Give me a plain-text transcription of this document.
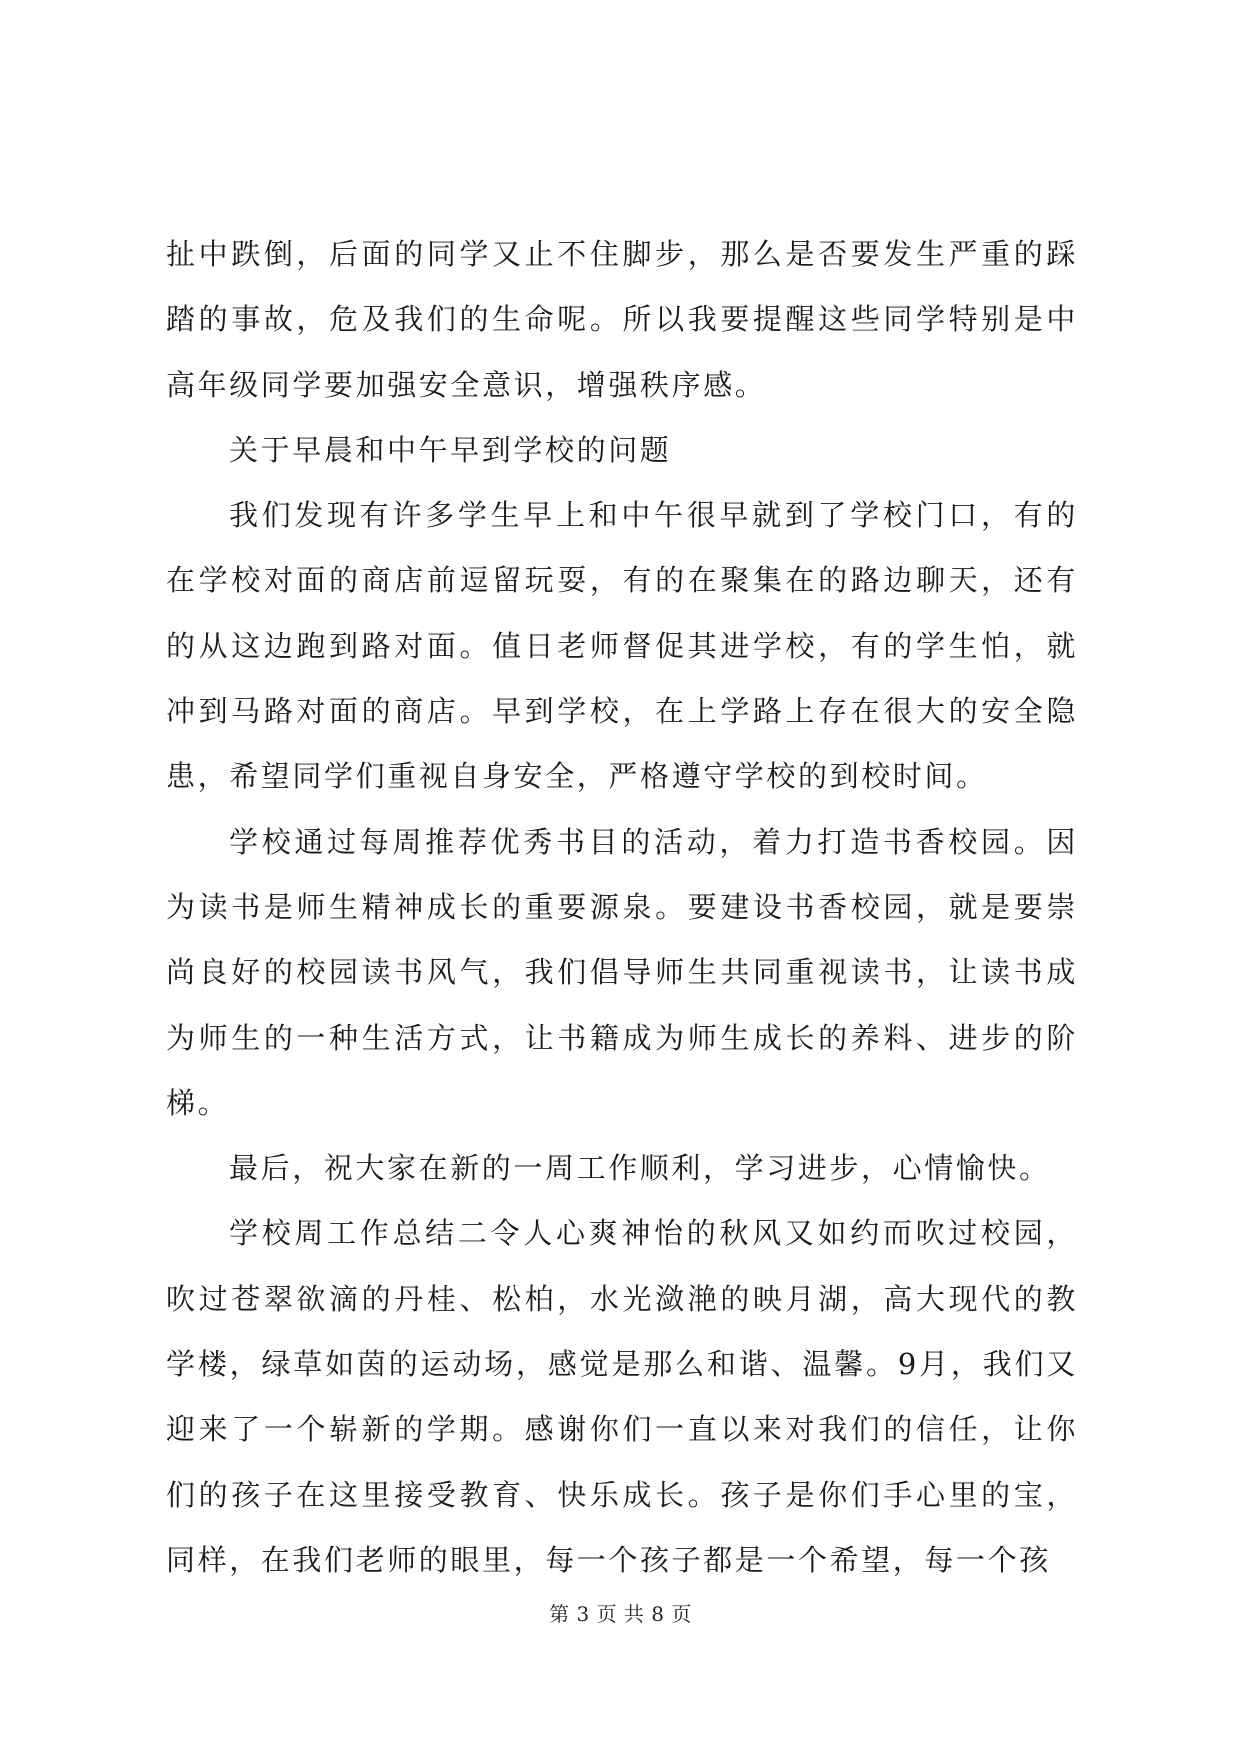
扯中跌倒，后面的同学又止不住脚步，那么是否要发生严重的踩踏的事故，危及我们的生命呢。所以我要提醒这些同学特别是中高年级同学要加强安全意识，增强秩序感。

关于早晨和中午早到学校的问题

我们发现有许多学生早上和中午很早就到了学校门口，有的在学校对面的商店前逗留玩耍，有的在聚集在的路边聊天，还有的从这边跑到路对面。值日老师督促其进学校，有的学生怕，就冲到马路对面的商店。早到学校，在上学路上存在很大的安全隐患，希望同学们重视自身安全，严格遵守学校的到校时间。

学校通过每周推荐优秀书目的活动，着力打造书香校园。因为读书是师生精神成长的重要源泉。要建设书香校园，就是要崇尚良好的校园读书风气，我们倡导师生共同重视读书，让读书成为师生的一种生活方式，让书籍成为师生成长的养料、进步的阶梯。

最后，祝大家在新的一周工作顺利，学习进步，心情愉快。

学校周工作总结二令人心爽神怡的秋风又如约而吹过校园，吹过苍翠欲滴的丹桂、松柏，水光潋滟的映月湖，高大现代的教学楼，绿草如茵的运动场，感觉是那么和谐、温馨。9月，我们又迎来了一个崭新的学期。感谢你们一直以来对我们的信任，让你们的孩子在这里接受教育、快乐成长。孩子是你们手心里的宝，同样，在我们老师的眼里，每一个孩子都是一个希望，每一个孩

第 3 页 共 8 页
